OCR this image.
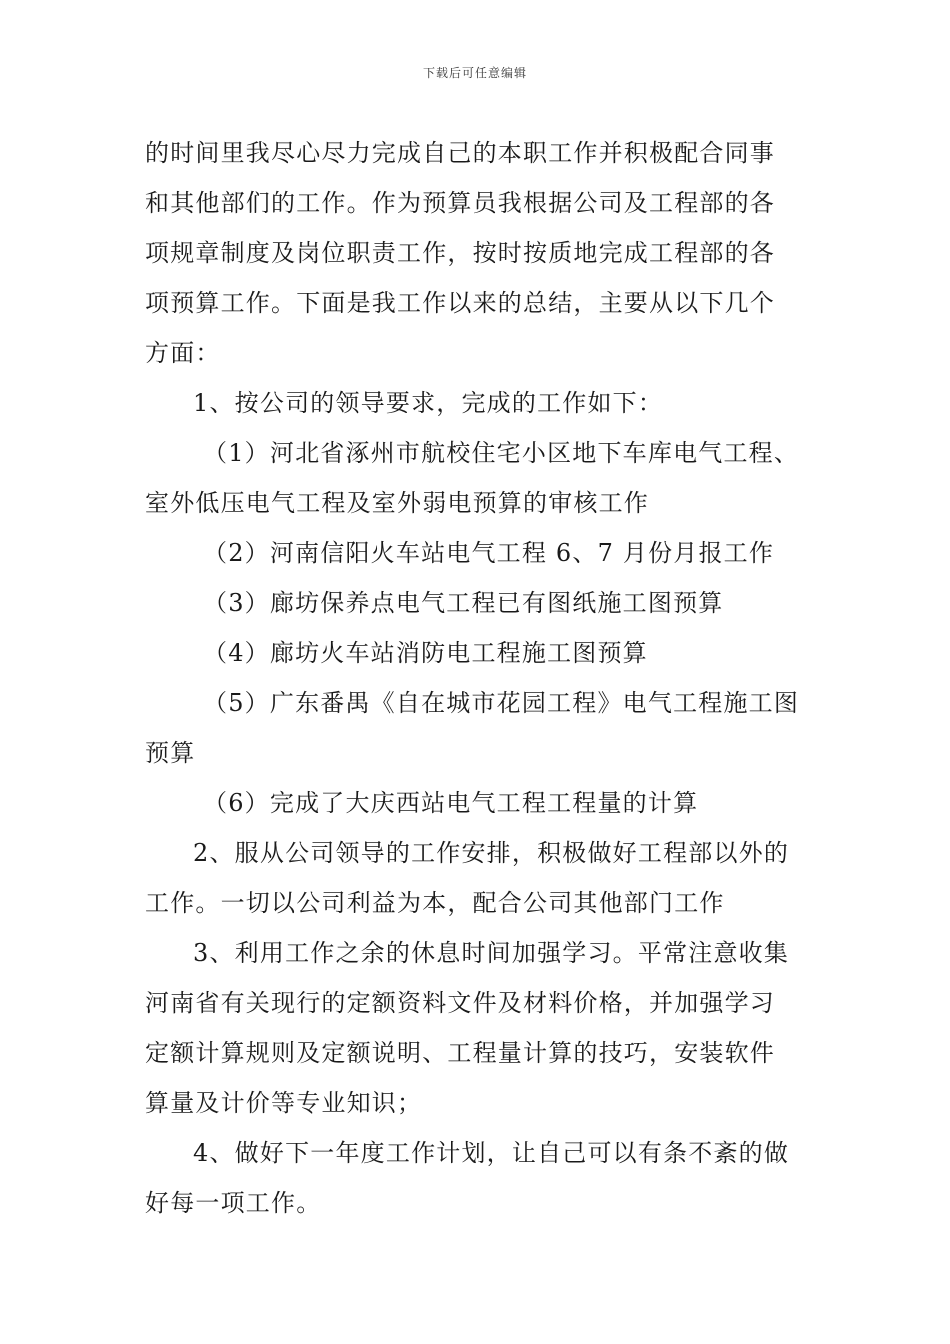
下载后可任意编辑
的时间里我尽心尽力完成自己的本职工作并积极配合同事
和其他部们的工作。作为预算员我根据公司及工程部的各
项规章制度及岗位职责工作，按时按质地完成工程部的各
项预算工作。下面是我工作以来的总结，主要从以下几个
方面：
1、按公司的领导要求，完成的工作如下：
（1）河北省涿州市航校住宅小区地下车库电气工程、
室外低压电气工程及室外弱电预算的审核工作
（2）河南信阳火车站电气工程 6、7 月份月报工作
（3）廊坊保养点电气工程已有图纸施工图预算
（4）廊坊火车站消防电工程施工图预算
（5）广东番禺《自在城市花园工程》电气工程施工图
预算
（6）完成了大庆西站电气工程工程量的计算
2、服从公司领导的工作安排，积极做好工程部以外的
工作。一切以公司利益为本，配合公司其他部门工作
3、利用工作之余的休息时间加强学习。平常注意收集
河南省有关现行的定额资料文件及材料价格，并加强学习
定额计算规则及定额说明、工程量计算的技巧，安装软件
算量及计价等专业知识；
4、做好下一年度工作计划，让自己可以有条不紊的做
好每一项工作。
